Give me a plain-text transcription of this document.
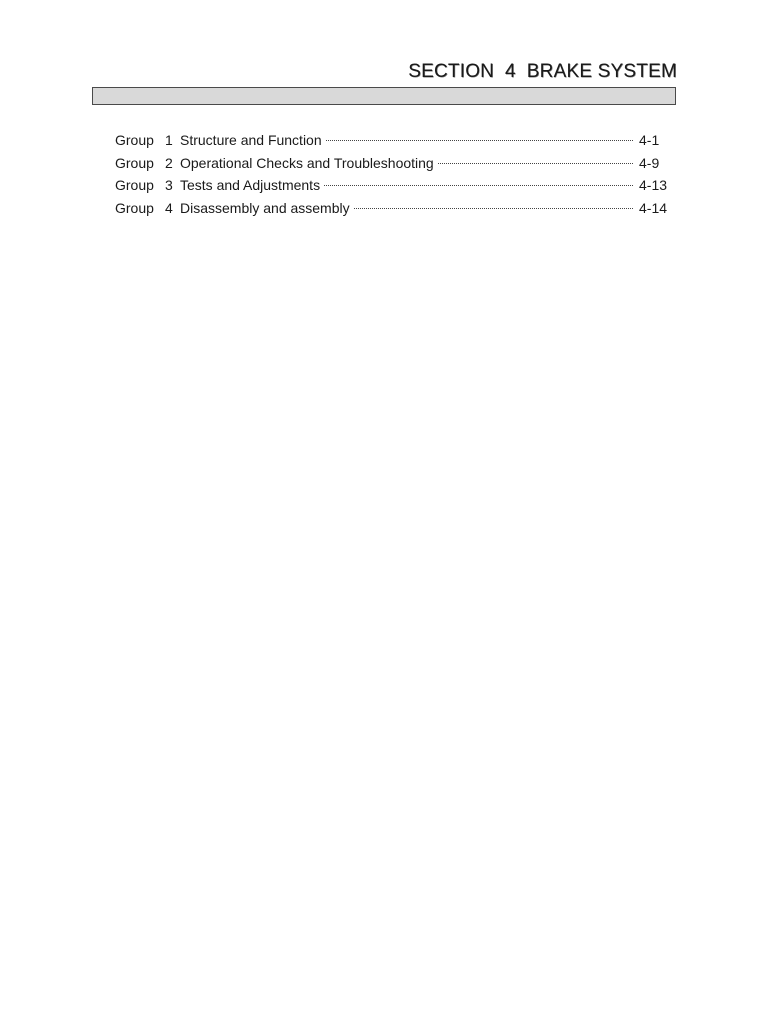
SECTION  4  BRAKE SYSTEM
Group 1 Structure and Function	4-1
Group 2 Operational Checks and Troubleshooting	4-9
Group 3 Tests and Adjustments	4-13
Group 4 Disassembly and assembly	4-14
